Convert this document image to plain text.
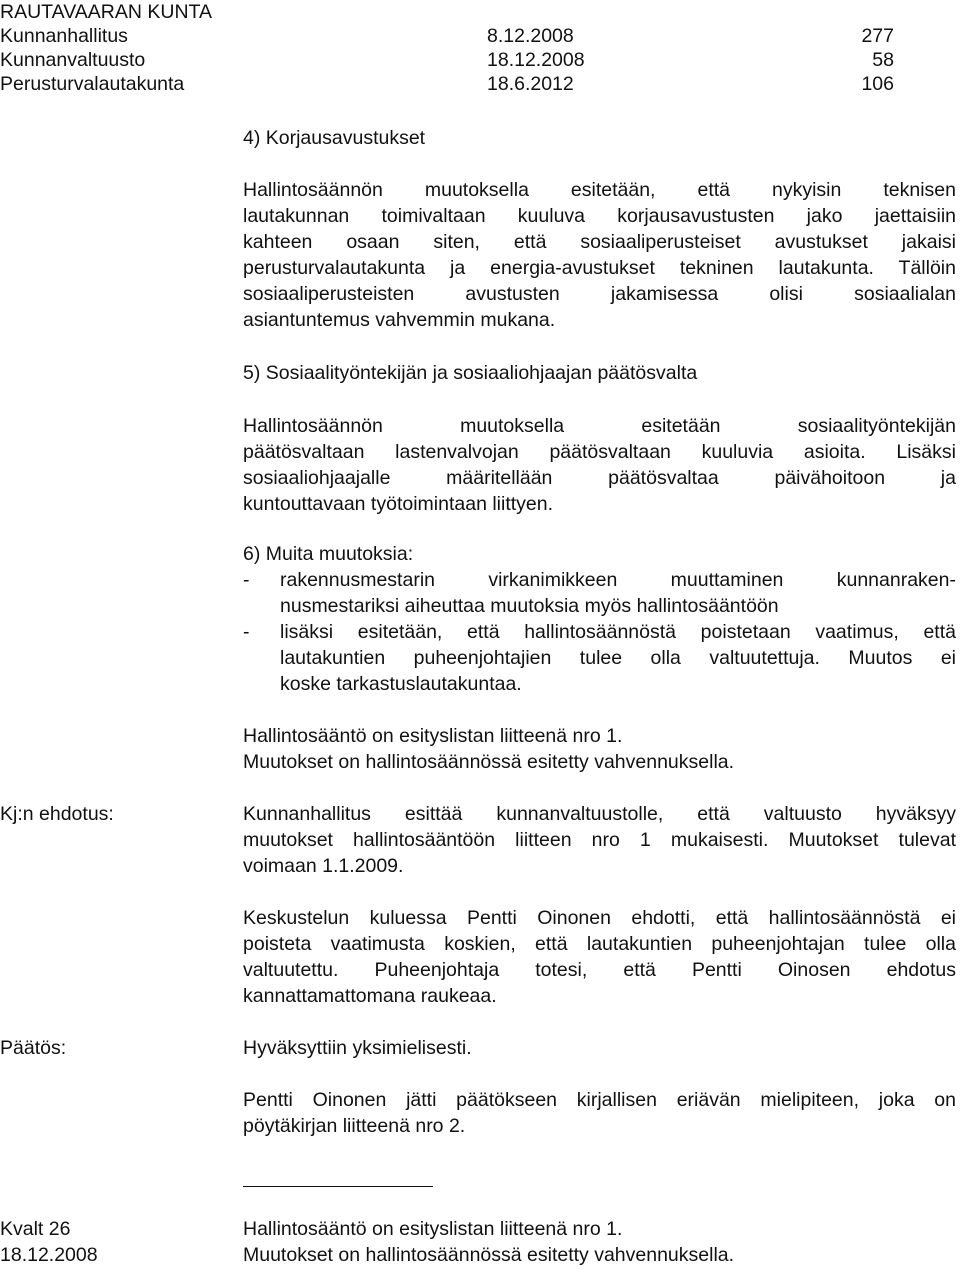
RAUTAVAARAN KUNTA
Kunnanhallitus	8.12.2008	277
Kunnanvaltuusto	18.12.2008	58
Perusturvalautakunta	18.6.2012	106
4) Korjausavustukset
Hallintosäännön muutoksella esitetään, että nykyisin teknisen
lautakunnan toimivaltaan kuuluva korjausavustusten jako jaettaisiin
kahteen osaan siten, että sosiaaliperusteiset avustukset jakaisi
perusturvalautakunta ja energia-avustukset tekninen lautakunta. Tällöin
sosiaaliperusteisten avustusten jakamisessa olisi sosiaalialan
asiantuntemus vahvemmin mukana.
5) Sosiaalityöntekijän ja sosiaaliohjaajan päätösvalta
Hallintosäännön muutoksella esitetään sosiaalityöntekijän
päätösvaltaan lastenvalvojan päätösvaltaan kuuluvia asioita. Lisäksi
sosiaaliohjaajalle määritellään päätösvaltaa päivähoitoon ja
kuntouttavaan työtoimintaan liittyen.
6) Muita muutoksia:
- rakennusmestarin virkanimikkeen muuttaminen kunnanraken-
nusmestariksi aiheuttaa muutoksia myös hallintosääntöön
- lisäksi esitetään, että hallintosäännöstä poistetaan vaatimus, että
lautakuntien puheenjohtajien tulee olla valtuutettuja. Muutos ei
koske tarkastuslautakuntaa.
Hallintosääntö on esityslistan liitteenä nro 1.
Muutokset on hallintosäännössä esitetty vahvennuksella.
Kj:n ehdotus:	Kunnanhallitus esittää kunnanvaltuustolle, että valtuusto hyväksyy
muutokset hallintosääntöön liitteen nro 1 mukaisesti. Muutokset tulevat
voimaan 1.1.2009.
Keskustelun kuluessa Pentti Oinonen ehdotti, että hallintosäännöstä ei
poisteta vaatimusta koskien, että lautakuntien puheenjohtajan tulee olla
valtuutettu. Puheenjohtaja totesi, että Pentti Oinosen ehdotus
kannattamattomana raukeaa.
Päätös:	Hyväksyttiin yksimielisesti.
Pentti Oinonen jätti päätökseen kirjallisen eriävän mielipiteen, joka on
pöytäkirjan liitteenä nro 2.
Kvalt 26	Hallintosääntö on esityslistan liitteenä nro 1.
18.12.2008	Muutokset on hallintosäännössä esitetty vahvennuksella.
